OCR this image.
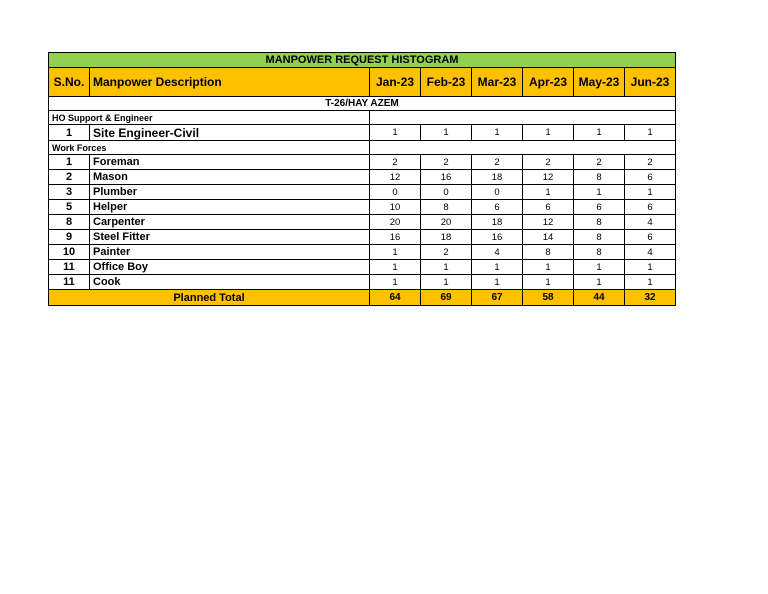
MANPOWER REQUEST HISTOGRAM							
S.No.	Manpower Description	Jan-23	Feb-23	Mar-23	Apr-23	May-23	Jun-23
T-26/HAY AZEM							
HO Support & Engineer							
1	Site Engineer-Civil	1	1	1	1	1	1
Work Forces							
1	Foreman	2	2	2	2	2	2
2	Mason	12	16	18	12	8	6
3	Plumber	0	0	0	1	1	1
5	Helper	10	8	6	6	6	6
8	Carpenter	20	20	18	12	8	4
9	Steel Fitter	16	18	16	14	8	6
10	Painter	1	2	4	8	8	4
11	Office Boy	1	1	1	1	1	1
11	Cook	1	1	1	1	1	1
Planned Total		64	69	67	58	44	32
